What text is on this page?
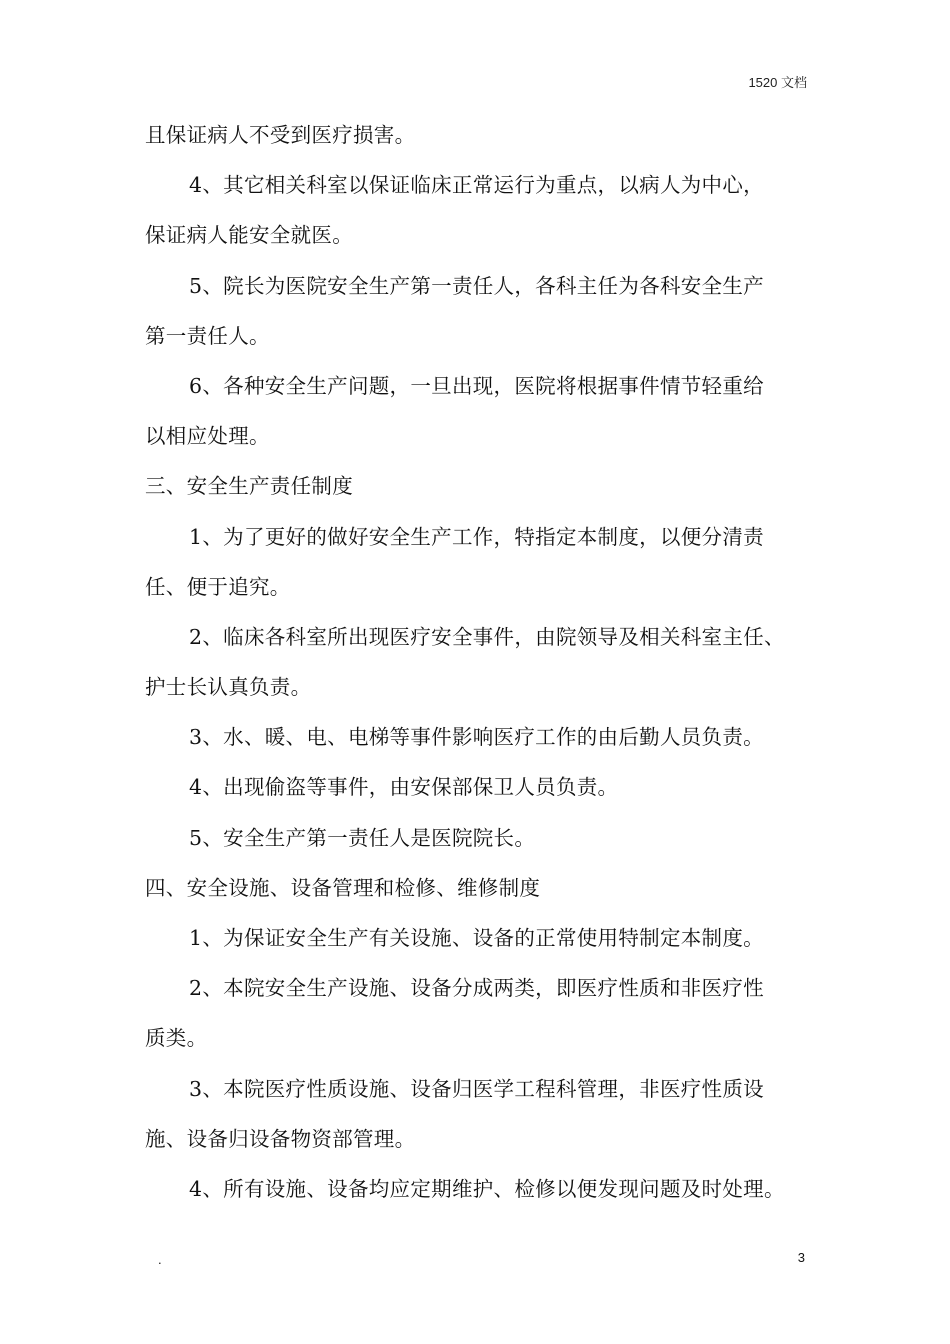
1520 文档
且保证病人不受到医疗损害。
4、其它相关科室以保证临床正常运行为重点，以病人为中心，
保证病人能安全就医。
5、院长为医院安全生产第一责任人，各科主任为各科安全生产
第一责任人。
6、各种安全生产问题，一旦出现，医院将根据事件情节轻重给
以相应处理。
三、安全生产责任制度
1、为了更好的做好安全生产工作，特指定本制度，以便分清责
任、便于追究。
2、临床各科室所出现医疗安全事件，由院领导及相关科室主任、
护士长认真负责。
3、水、暖、电、电梯等事件影响医疗工作的由后勤人员负责。
4、出现偷盗等事件，由安保部保卫人员负责。
5、安全生产第一责任人是医院院长。
四、安全设施、设备管理和检修、维修制度
1、为保证安全生产有关设施、设备的正常使用特制定本制度。
2、本院安全生产设施、设备分成两类，即医疗性质和非医疗性
质类。
3、本院医疗性质设施、设备归医学工程科管理，非医疗性质设
施、设备归设备物资部管理。
4、所有设施、设备均应定期维护、检修以便发现问题及时处理。
.	3
